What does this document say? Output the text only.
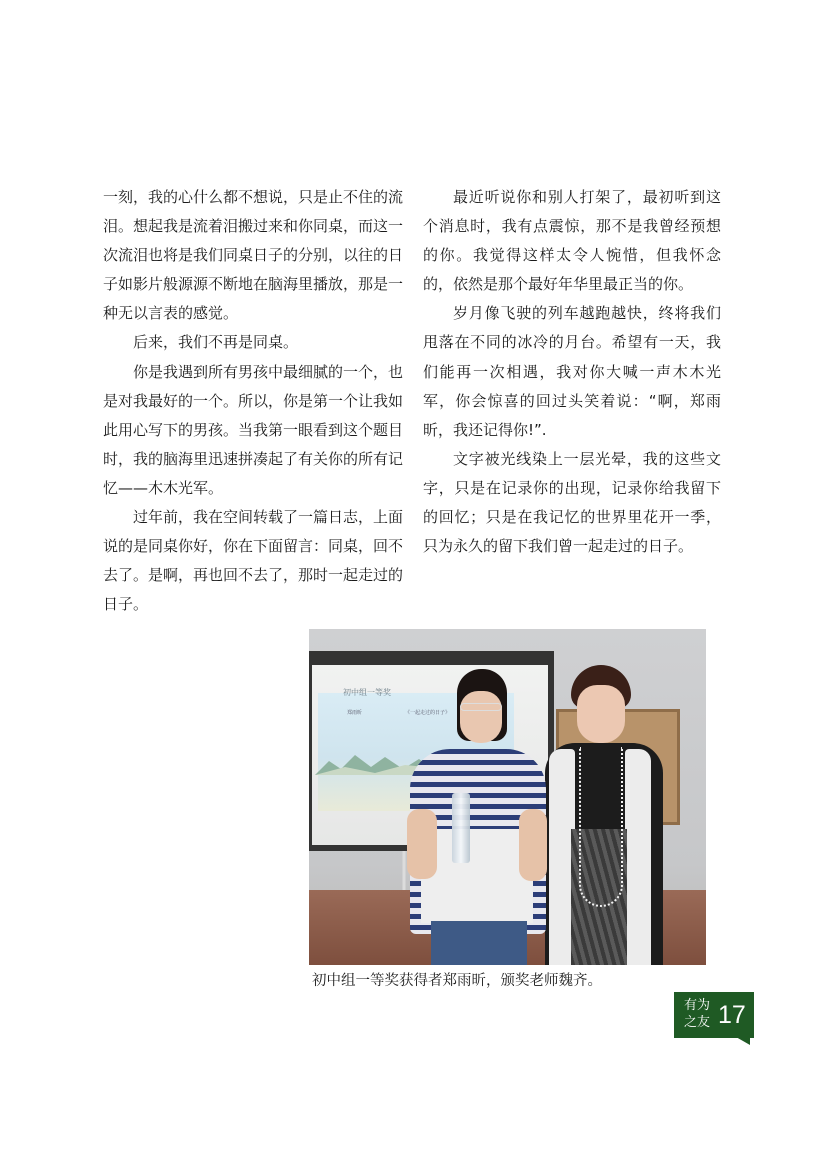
一刻，我的心什么都不想说，只是止不住的流泪。想起我是流着泪搬过来和你同桌，而这一次流泪也将是我们同桌日子的分别，以往的日子如影片般源源不断地在脑海里播放，那是一种无以言表的感觉。

后来，我们不再是同桌。

你是我遇到所有男孩中最细腻的一个，也是对我最好的一个。所以，你是第一个让我如此用心写下的男孩。当我第一眼看到这个题目时，我的脑海里迅速拼凑起了有关你的所有记忆——木木光军。

过年前，我在空间转载了一篇日志，上面说的是同桌你好，你在下面留言：同桌，回不去了。是啊，再也回不去了，那时一起走过的日子。

最近听说你和别人打架了，最初听到这个消息时，我有点震惊，那不是我曾经预想的你。我觉得这样太令人惋惜，但我怀念的，依然是那个最好年华里最正当的你。

岁月像飞驶的列车越跑越快，终将我们甩落在不同的冰冷的月台。希望有一天，我们能再一次相遇，我对你大喊一声木木光军，你会惊喜的回过头笑着说：“啊，郑雨昕，我还记得你!”.

文字被光线染上一层光晕，我的这些文字，只是在记录你的出现，记录你给我留下的回忆；只是在我记忆的世界里花开一季，只为永久的留下我们曾一起走过的日子。

初中组一等奖
郑雨昕	《一起走过的日子》
初中组一等奖获得者郑雨昕，颁奖老师魏齐。
有为之友 17
